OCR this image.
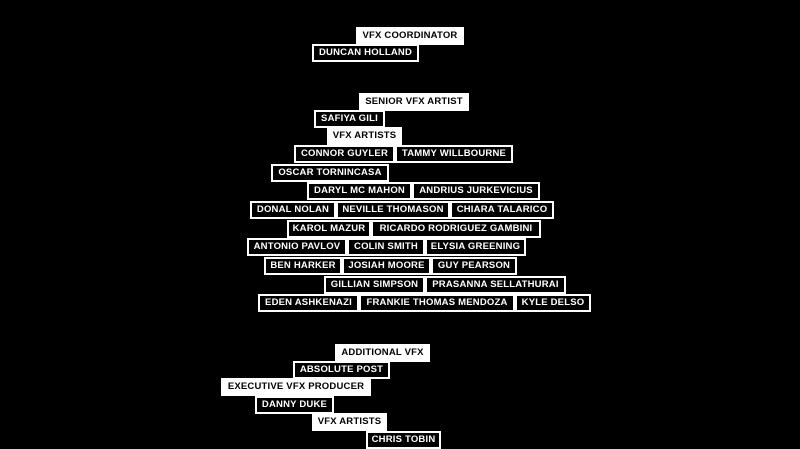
VFX COORDINATOR
DUNCAN HOLLAND
SENIOR VFX ARTIST
SAFIYA GILI
VFX ARTISTS
CONNOR GUYLER	TAMMY WILLBOURNE
OSCAR TORNINCASA
DARYL MC MAHON	ANDRIUS JURKEVICIUS
DONAL NOLAN	NEVILLE THOMASON	CHIARA TALARICO
KAROL MAZUR	RICARDO RODRIGUEZ GAMBINI
ANTONIO PAVLOV	COLIN SMITH	ELYSIA GREENING
BEN HARKER	JOSIAH MOORE	GUY PEARSON
GILLIAN SIMPSON	PRASANNA SELLATHURAI
EDEN ASHKENAZI	FRANKIE THOMAS MENDOZA	KYLE DELSO
ADDITIONAL VFX
ABSOLUTE POST
EXECUTIVE VFX PRODUCER
DANNY DUKE
VFX ARTISTS
CHRIS TOBIN
